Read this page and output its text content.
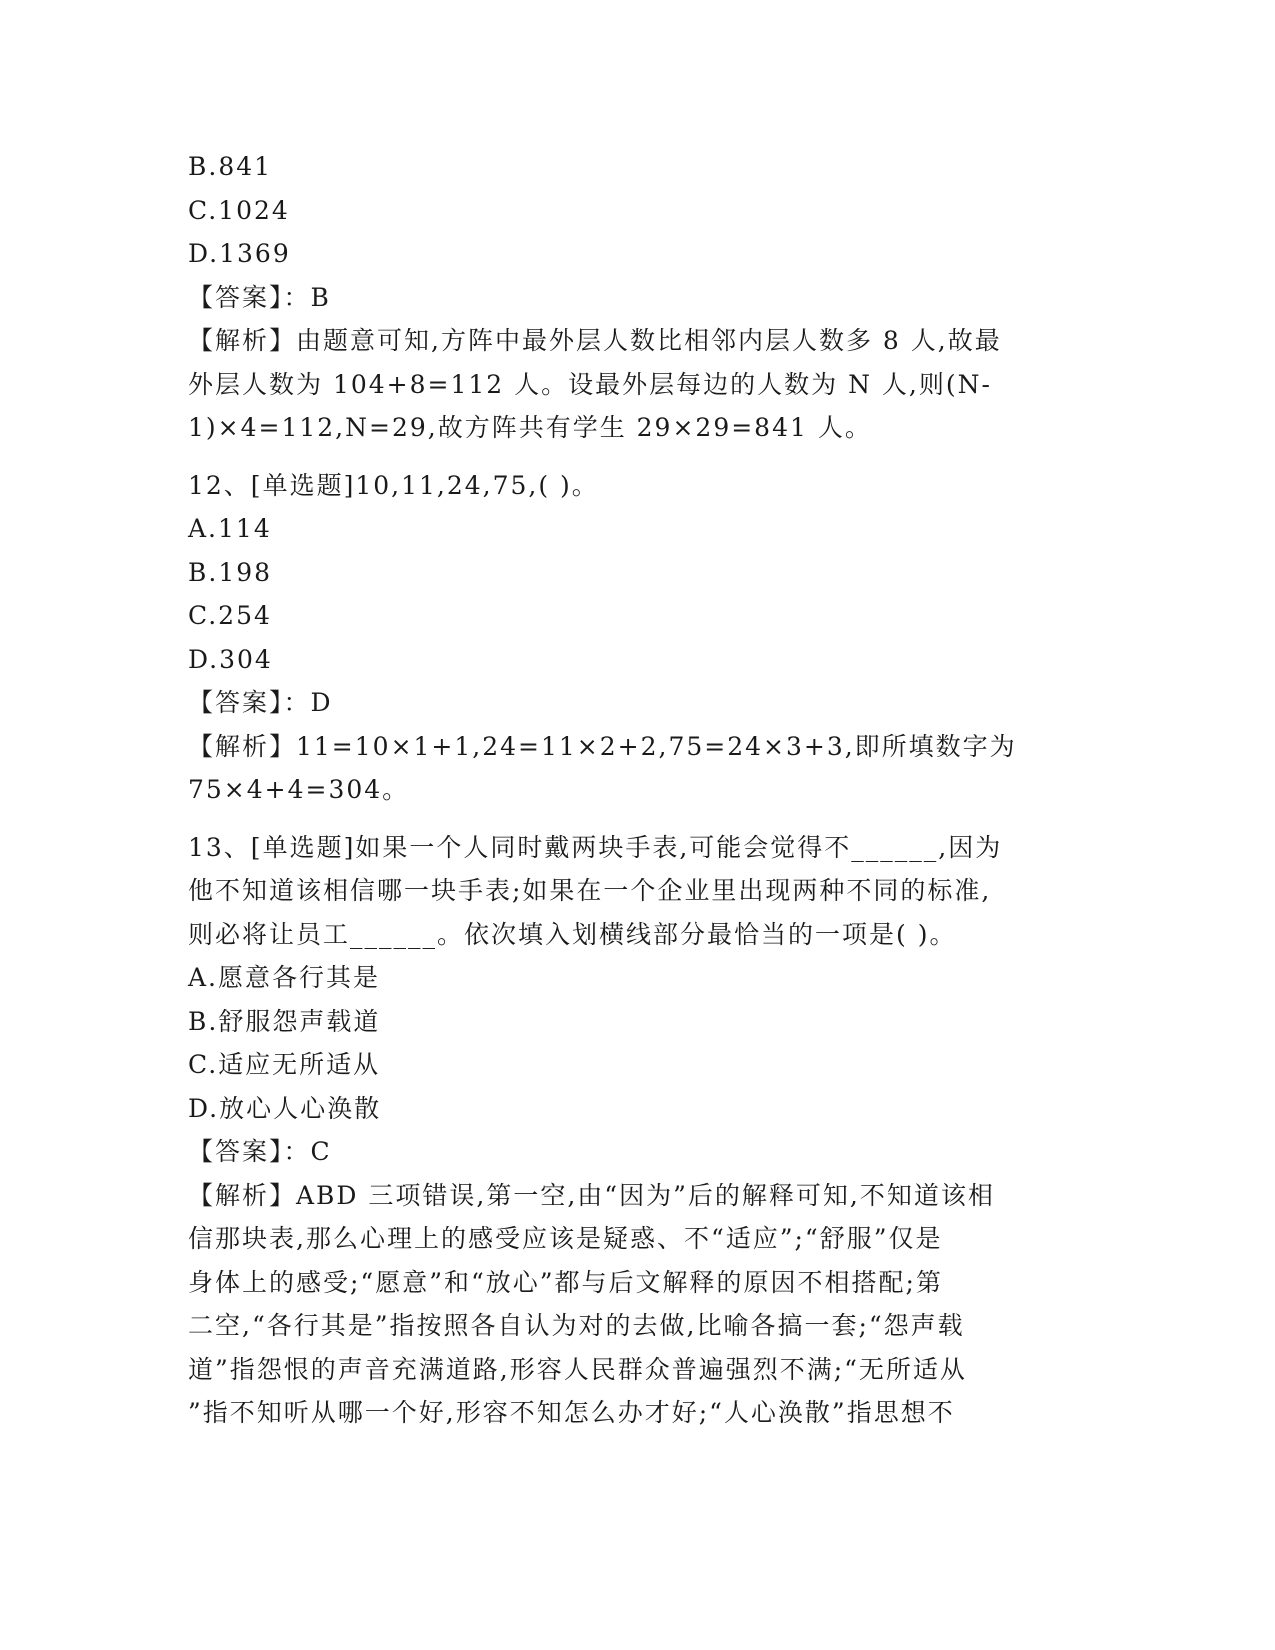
B.841
C.1024
D.1369
【答案】：B
【解析】由题意可知,方阵中最外层人数比相邻内层人数多 8 人,故最
外层人数为 104+8=112 人。设最外层每边的人数为 N 人,则(N-
1)×4=112,N=29,故方阵共有学生 29×29=841 人。
12、[单选题]10,11,24,75,( )。
A.114
B.198
C.254
D.304
【答案】：D
【解析】11=10×1+1,24=11×2+2,75=24×3+3,即所填数字为
75×4+4=304。
13、[单选题]如果一个人同时戴两块手表,可能会觉得不______,因为
他不知道该相信哪一块手表;如果在一个企业里出现两种不同的标准,
则必将让员工______。依次填入划横线部分最恰当的一项是( )。
A.愿意各行其是
B.舒服怨声载道
C.适应无所适从
D.放心人心涣散
【答案】：C
【解析】ABD 三项错误,第一空,由“因为”后的解释可知,不知道该相
信那块表,那么心理上的感受应该是疑惑、不“适应”;“舒服”仅是
身体上的感受;“愿意”和“放心”都与后文解释的原因不相搭配;第
二空,“各行其是”指按照各自认为对的去做,比喻各搞一套;“怨声载
道”指怨恨的声音充满道路,形容人民群众普遍强烈不满;“无所适从
”指不知听从哪一个好,形容不知怎么办才好;“人心涣散”指思想不
